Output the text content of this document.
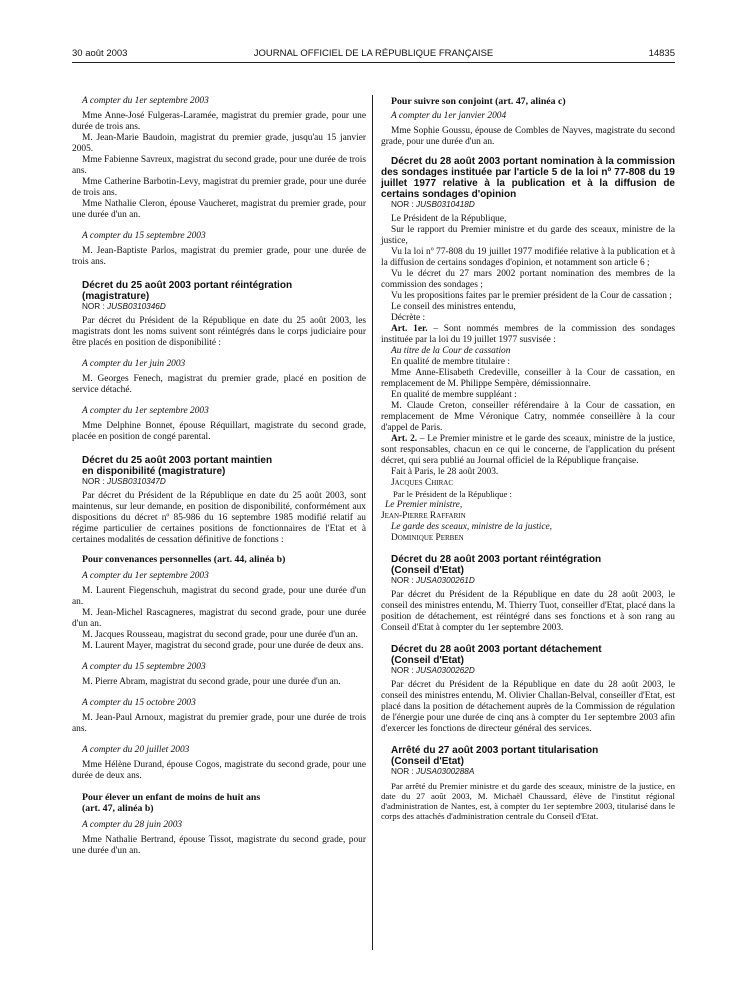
30 août 2003	JOURNAL OFFICIEL DE LA RÉPUBLIQUE FRANÇAISE	14835

A compter du 1er septembre 2003

Mme Anne-José Fulgeras-Laramée, magistrat du premier grade, pour une durée de trois ans.

M. Jean-Marie Baudoin, magistrat du premier grade, jusqu'au 15 janvier 2005.

Mme Fabienne Savreux, magistrat du second grade, pour une durée de trois ans.

Mme Catherine Barbotin-Levy, magistrat du premier grade, pour une durée de trois ans.

Mme Nathalie Cleron, épouse Vaucheret, magistrat du premier grade, pour une durée d'un an.

A compter du 15 septembre 2003

M. Jean-Baptiste Parlos, magistrat du premier grade, pour une durée de trois ans.

Décret du 25 août 2003 portant réintégration

(magistrature)

NOR : JUSB0310346D

Par décret du Président de la République en date du 25 août 2003, les magistrats dont les noms suivent sont réintégrés dans le corps judiciaire pour être placés en position de disponibilité :

A compter du 1er juin 2003

M. Georges Fenech, magistrat du premier grade, placé en position de service détaché.

A compter du 1er septembre 2003

Mme Delphine Bonnet, épouse Réquillart, magistrate du second grade, placée en position de congé parental.

Décret du 25 août 2003 portant maintien

en disponibilité (magistrature)

NOR : JUSB0310347D

Par décret du Président de la République en date du 25 août 2003, sont maintenus, sur leur demande, en position de disponibilité, conformément aux dispositions du décret nº 85-986 du 16 septembre 1985 modifié relatif au régime particulier de certaines positions de fonctionnaires de l'Etat et à certaines modalités de cessation définitive de fonctions :

Pour convenances personnelles (art. 44, alinéa b)

A compter du 1er septembre 2003

M. Laurent Fiegenschuh, magistrat du second grade, pour une durée d'un an.

M. Jean-Michel Rascagneres, magistrat du second grade, pour une durée d'un an.

M. Jacques Rousseau, magistrat du second grade, pour une durée d'un an.

M. Laurent Mayer, magistrat du second grade, pour une durée de deux ans.

A compter du 15 septembre 2003

M. Pierre Abram, magistrat du second grade, pour une durée d'un an.

A compter du 15 octobre 2003

M. Jean-Paul Arnoux, magistrat du premier grade, pour une durée de trois ans.

A compter du 20 juillet 2003

Mme Hélène Durand, épouse Cogos, magistrate du second grade, pour une durée de deux ans.

Pour élever un enfant de moins de huit ans

(art. 47, alinéa b)

A compter du 28 juin 2003

Mme Nathalie Bertrand, épouse Tissot, magistrate du second grade, pour une durée d'un an.

Pour suivre son conjoint (art. 47, alinéa c)

A compter du 1er janvier 2004

Mme Sophie Goussu, épouse de Combles de Nayves, magistrate du second grade, pour une durée d'un an.

Décret du 28 août 2003 portant nomination à la commission des sondages instituée par l'article 5 de la loi nº 77-808 du 19 juillet 1977 relative à la publication et à la diffusion de certains sondages d'opinion

NOR : JUSB0310418D

Le Président de la République,

Sur le rapport du Premier ministre et du garde des sceaux, ministre de la justice,

Vu la loi nº 77-808 du 19 juillet 1977 modifiée relative à la publication et à la diffusion de certains sondages d'opinion, et notamment son article 6 ;

Vu le décret du 27 mars 2002 portant nomination des membres de la commission des sondages ;

Vu les propositions faites par le premier président de la Cour de cassation ;

Le conseil des ministres entendu,

Décrète :

Art. 1er. – Sont nommés membres de la commission des sondages instituée par la loi du 19 juillet 1977 susvisée :

Au titre de la Cour de cassation

En qualité de membre titulaire :

Mme Anne-Elisabeth Credeville, conseiller à la Cour de cassation, en remplacement de M. Philippe Sempère, démissionnaire.

En qualité de membre suppléant :

M. Claude Creton, conseiller référendaire à la Cour de cassation, en remplacement de Mme Véronique Catry, nommée conseillère à la cour d'appel de Paris.

Art. 2. – Le Premier ministre et le garde des sceaux, ministre de la justice, sont responsables, chacun en ce qui le concerne, de l'application du présent décret, qui sera publié au Journal officiel de la République française.

Fait à Paris, le 28 août 2003.

Jacques Chirac

Par le Président de la République :

Le Premier ministre,

Jean-Pierre Raffarin

Le garde des sceaux, ministre de la justice,

Dominique Perben

Décret du 28 août 2003 portant réintégration

(Conseil d'Etat)

NOR : JUSA0300261D

Par décret du Président de la République en date du 28 août 2003, le conseil des ministres entendu, M. Thierry Tuot, conseiller d'Etat, placé dans la position de détachement, est réintégré dans ses fonctions et à son rang au Conseil d'Etat à compter du 1er septembre 2003.

Décret du 28 août 2003 portant détachement

(Conseil d'Etat)

NOR : JUSA0300262D

Par décret du Président de la République en date du 28 août 2003, le conseil des ministres entendu, M. Olivier Challan-Belval, conseiller d'Etat, est placé dans la position de détachement auprès de la Commission de régulation de l'énergie pour une durée de cinq ans à compter du 1er septembre 2003 afin d'exercer les fonctions de directeur général des services.

Arrêté du 27 août 2003 portant titularisation

(Conseil d'Etat)

NOR : JUSA0300288A

Par arrêté du Premier ministre et du garde des sceaux, ministre de la justice, en date du 27 août 2003, M. Michaël Chaussard, élève de l'institut régional d'administration de Nantes, est, à compter du 1er septembre 2003, titularisé dans le corps des attachés d'administration centrale du Conseil d'Etat.
